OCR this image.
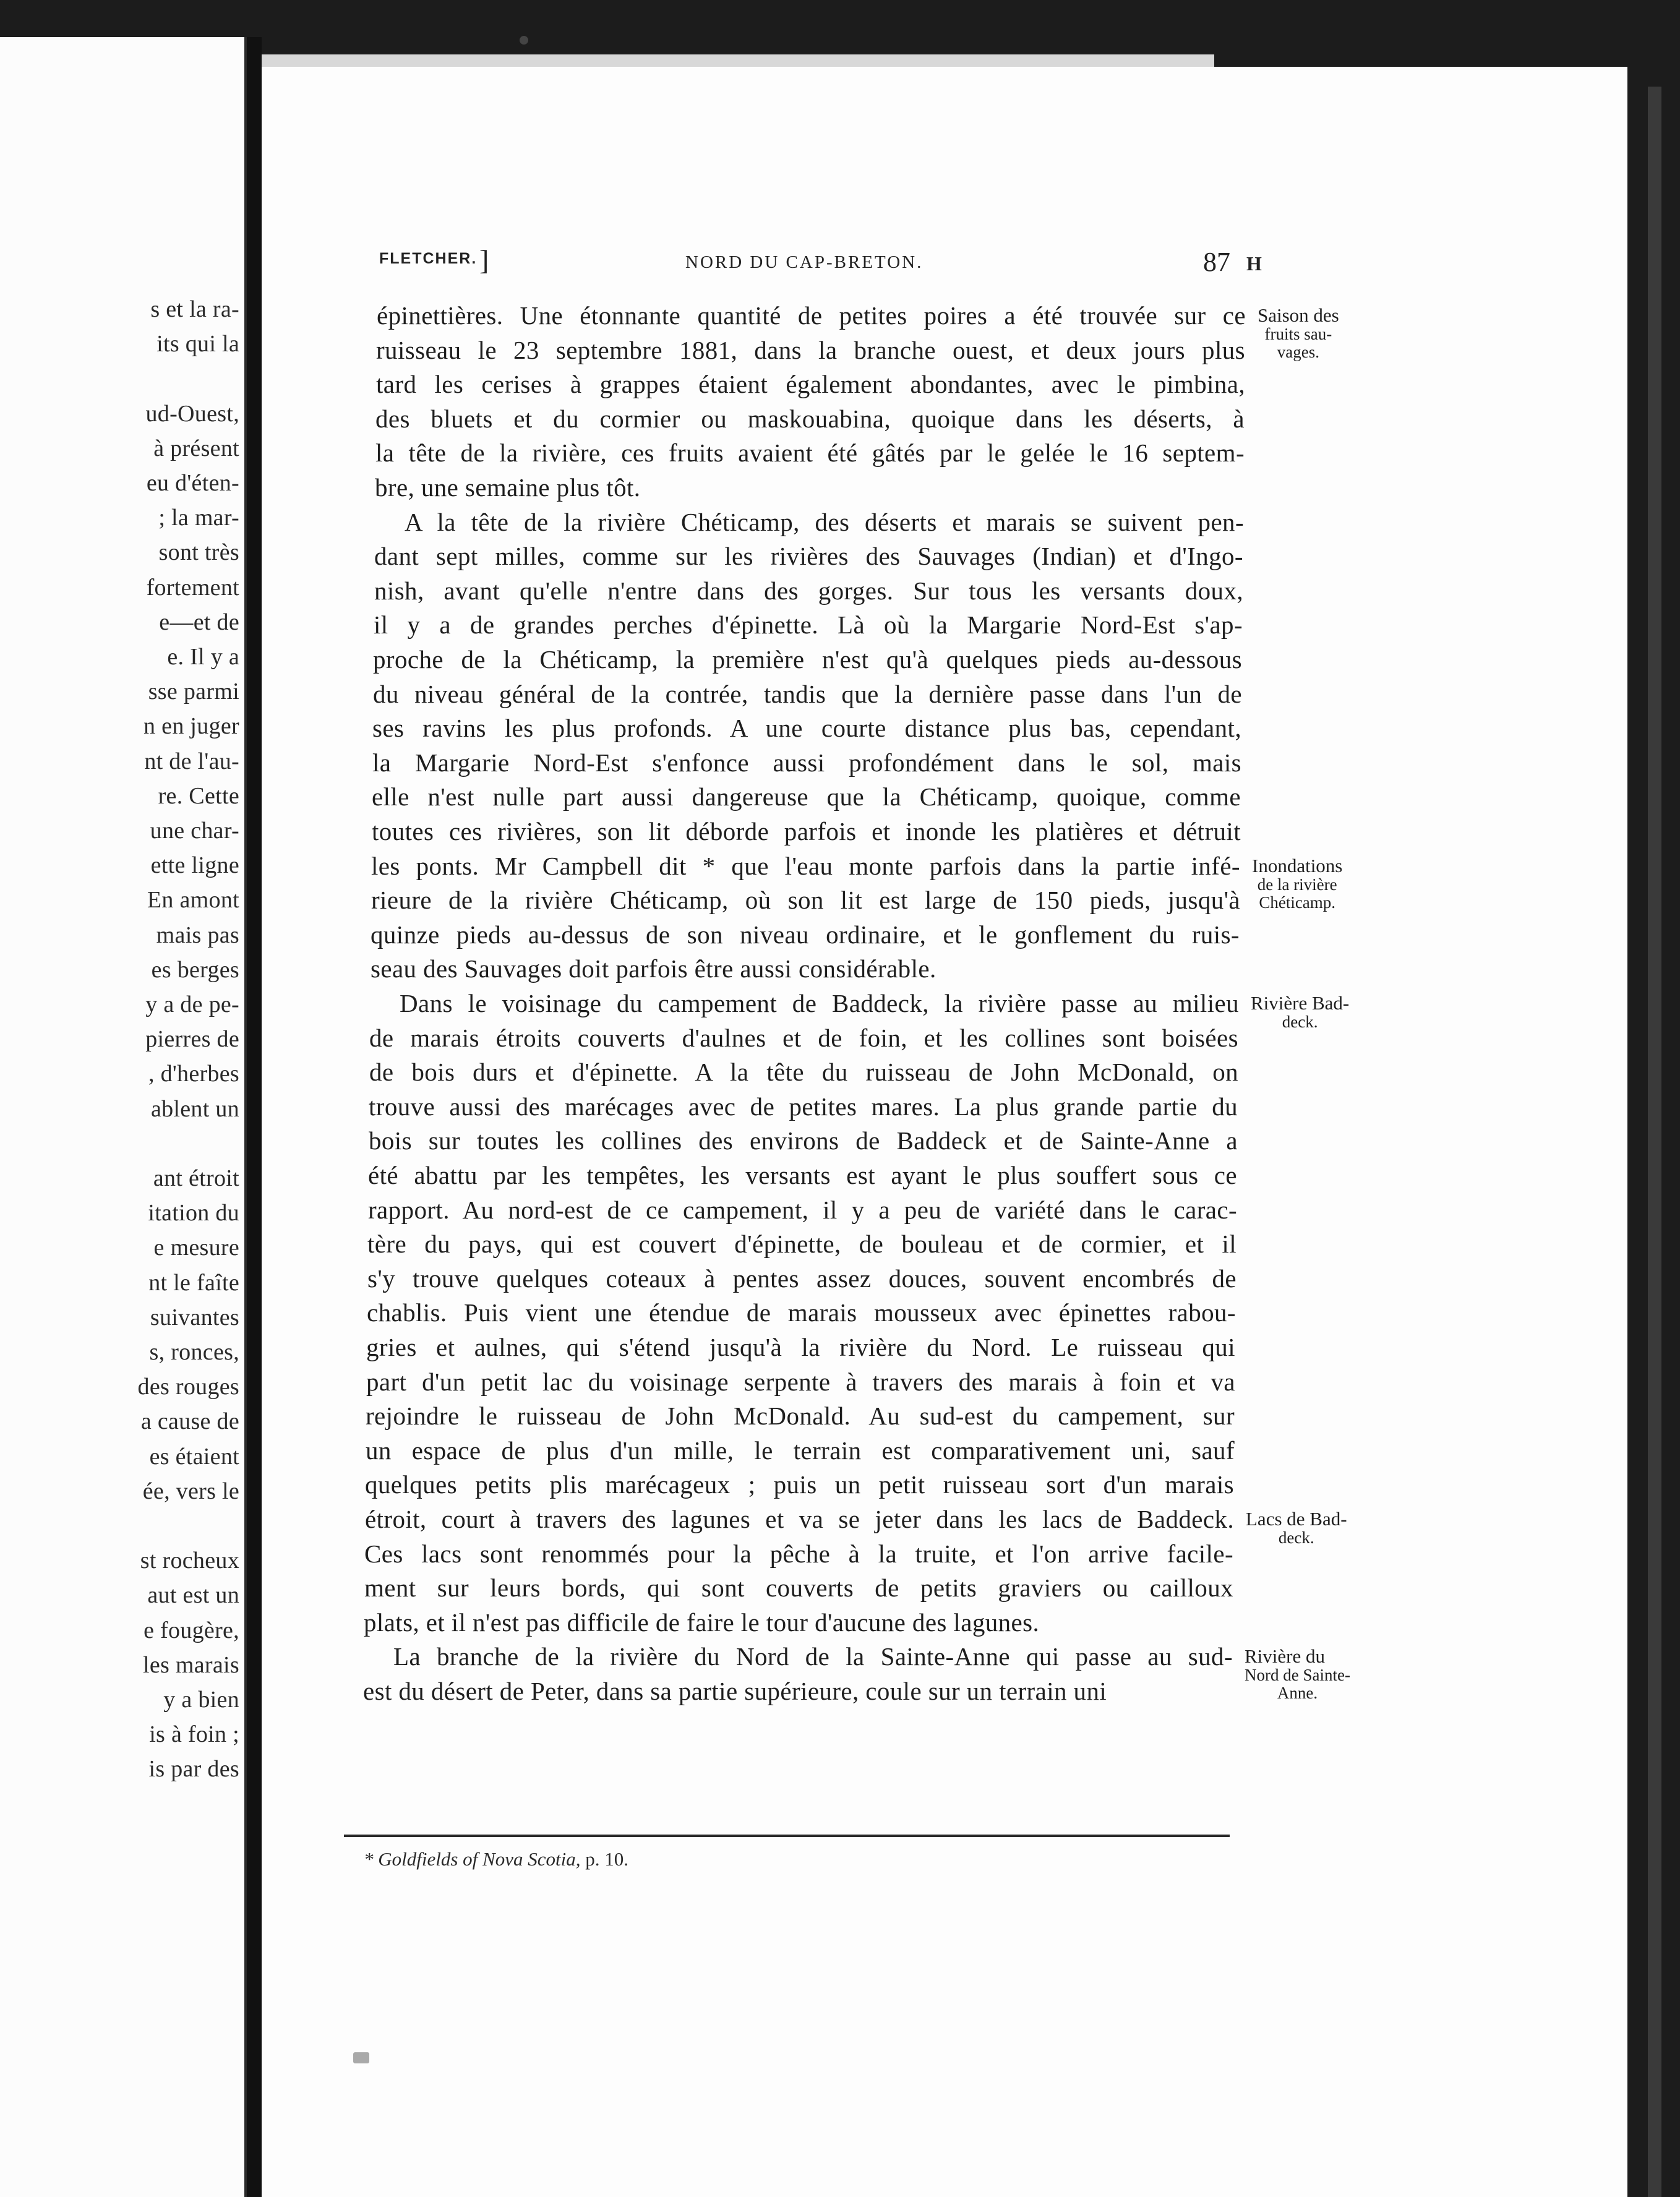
s et la ra-
its qui la
ud-Ouest,
à présent
eu d'éten-
; la mar-
sont très
fortement
e—et de
e. Il y a
sse parmi
n en juger
nt de l'au-
re. Cette
une char-
ette ligne
En amont
mais pas
es berges
y a de pe-
pierres de
, d'herbes
ablent un
ant étroit
itation du
e mesure
nt le faîte
suivantes
s, ronces,
des rouges
a cause de
es étaient
ée, vers le
st rocheux
aut est un
e fougère,
les marais
y a bien
is à foin ;
is par des
FLETCHER. ]	NORD DU CAP-BRETON.	87 H
épinettières. Une étonnante quantité de petites poires a été trouvée sur ce
ruisseau le 23 septembre 1881, dans la branche ouest, et deux jours plus
tard les cerises à grappes étaient également abondantes, avec le pimbina,
des bluets et du cormier ou maskouabina, quoique dans les déserts, à
la tête de la rivière, ces fruits avaient été gâtés par le gelée le 16 septem-
bre, une semaine plus tôt.
A la tête de la rivière Chéticamp, des déserts et marais se suivent pen-
dant sept milles, comme sur les rivières des Sauvages (Indian) et d'Ingo-
nish, avant qu'elle n'entre dans des gorges. Sur tous les versants doux,
il y a de grandes perches d'épinette. Là où la Margarie Nord-Est s'ap-
proche de la Chéticamp, la première n'est qu'à quelques pieds au-dessous
du niveau général de la contrée, tandis que la dernière passe dans l'un de
ses ravins les plus profonds. A une courte distance plus bas, cependant,
la Margarie Nord-Est s'enfonce aussi profondément dans le sol, mais
elle n'est nulle part aussi dangereuse que la Chéticamp, quoique, comme
toutes ces rivières, son lit déborde parfois et inonde les platières et détruit
les ponts. Mr Campbell dit * que l'eau monte parfois dans la partie infé-
rieure de la rivière Chéticamp, où son lit est large de 150 pieds, jusqu'à
quinze pieds au-dessus de son niveau ordinaire, et le gonflement du ruis-
seau des Sauvages doit parfois être aussi considérable.
Dans le voisinage du campement de Baddeck, la rivière passe au milieu
de marais étroits couverts d'aulnes et de foin, et les collines sont boisées
de bois durs et d'épinette. A la tête du ruisseau de John McDonald, on
trouve aussi des marécages avec de petites mares. La plus grande partie du
bois sur toutes les collines des environs de Baddeck et de Sainte-Anne a
été abattu par les tempêtes, les versants est ayant le plus souffert sous ce
rapport. Au nord-est de ce campement, il y a peu de variété dans le carac-
tère du pays, qui est couvert d'épinette, de bouleau et de cormier, et il
s'y trouve quelques coteaux à pentes assez douces, souvent encombrés de
chablis. Puis vient une étendue de marais mousseux avec épinettes rabou-
gries et aulnes, qui s'étend jusqu'à la rivière du Nord. Le ruisseau qui
part d'un petit lac du voisinage serpente à travers des marais à foin et va
rejoindre le ruisseau de John McDonald. Au sud-est du campement, sur
un espace de plus d'un mille, le terrain est comparativement uni, sauf
quelques petits plis marécageux ; puis un petit ruisseau sort d'un marais
étroit, court à travers des lagunes et va se jeter dans les lacs de Baddeck.
Ces lacs sont renommés pour la pêche à la truite, et l'on arrive facile-
ment sur leurs bords, qui sont couverts de petits graviers ou cailloux
plats, et il n'est pas difficile de faire le tour d'aucune des lagunes.
La branche de la rivière du Nord de la Sainte-Anne qui passe au sud-
est du désert de Peter, dans sa partie supérieure, coule sur un terrain uni
Saison des
fruits sau-
vages.
Inondations
de la rivière
Chéticamp.
Rivière Bad-
deck.
Lacs de Bad-
deck.
Rivière du
Nord de Sainte-
Anne.
* Goldfields of Nova Scotia, p. 10.
